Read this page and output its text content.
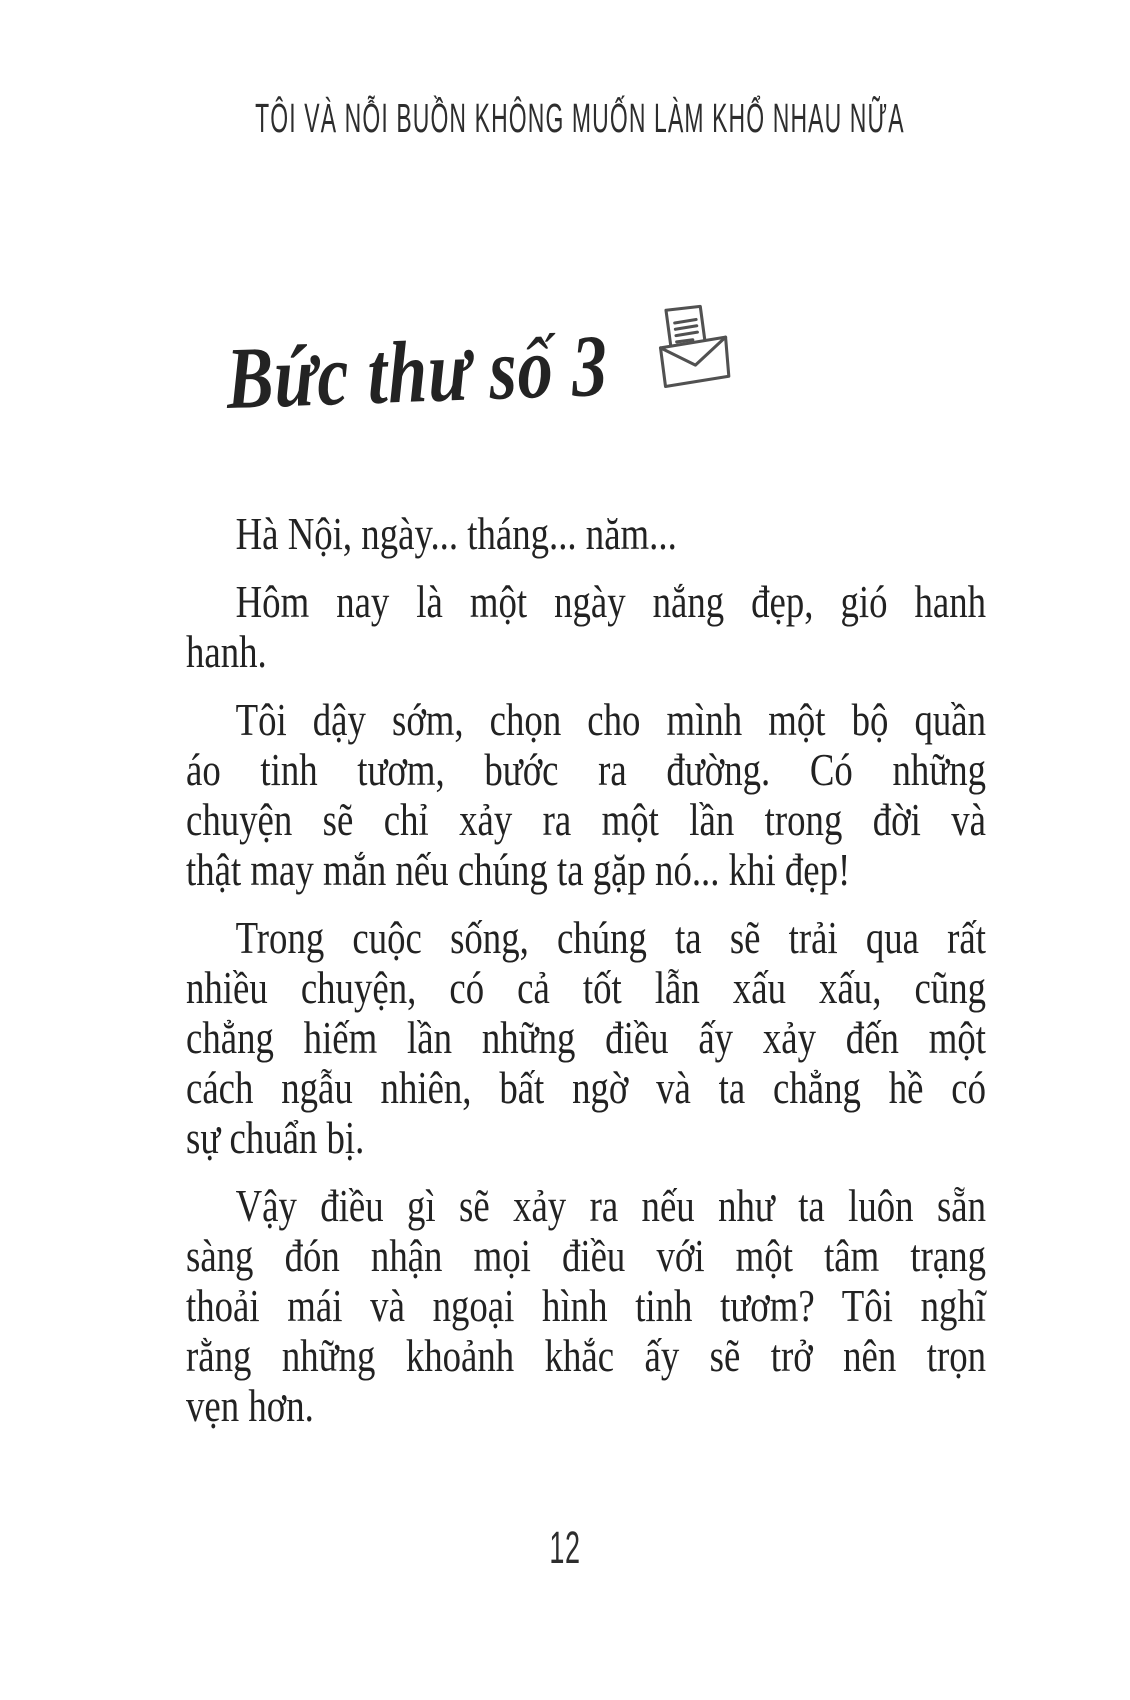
TÔI VÀ NỖI BUỒN KHÔNG MUỐN LÀM KHỔ NHAU NỮA
Bức thư số 3
Hà Nội, ngày... tháng... năm...
Hôm nay là một ngày nắng đẹp, gió hanh
hanh.
Tôi dậy sớm, chọn cho mình một bộ quần
áo tinh tươm, bước ra đường. Có những
chuyện sẽ chỉ xảy ra một lần trong đời và
thật may mắn nếu chúng ta gặp nó... khi đẹp!
Trong cuộc sống, chúng ta sẽ trải qua rất
nhiều chuyện, có cả tốt lẫn xấu xấu, cũng
chẳng hiếm lần những điều ấy xảy đến một
cách ngẫu nhiên, bất ngờ và ta chẳng hề có
sự chuẩn bị.
Vậy điều gì sẽ xảy ra nếu như ta luôn sẵn
sàng đón nhận mọi điều với một tâm trạng
thoải mái và ngoại hình tinh tươm? Tôi nghĩ
rằng những khoảnh khắc ấy sẽ trở nên trọn
vẹn hơn.
12
